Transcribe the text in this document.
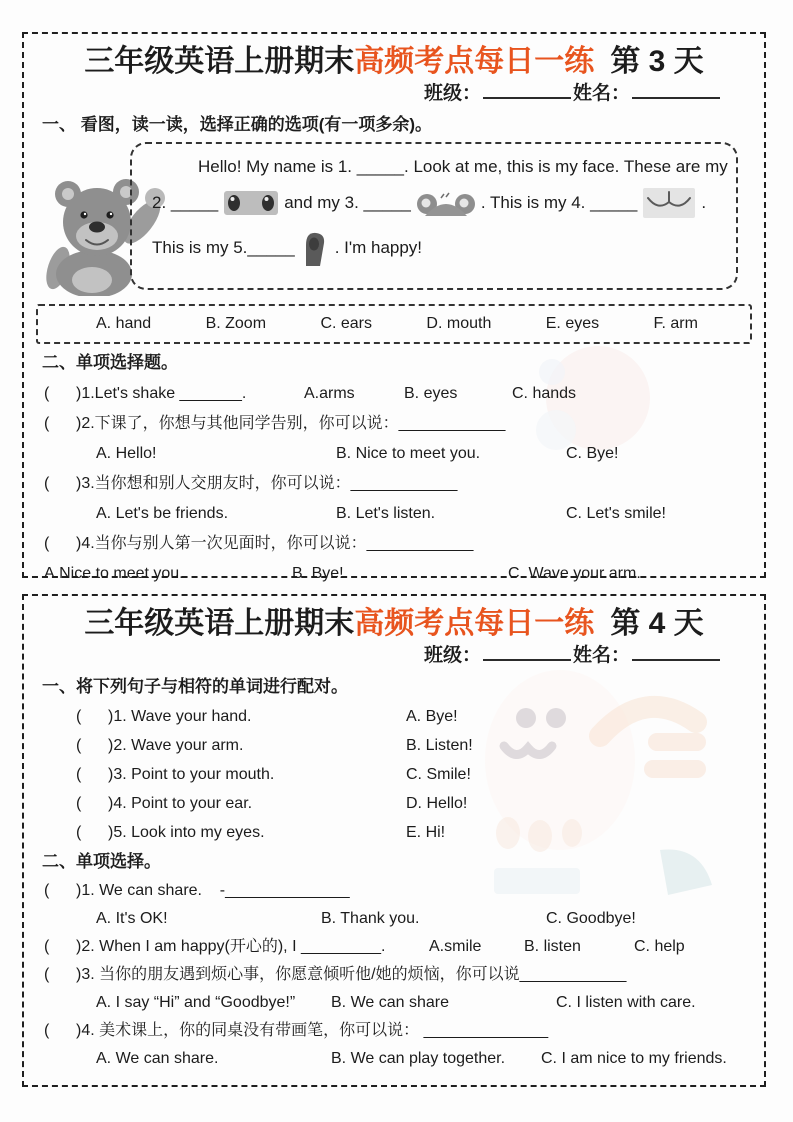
三年级英语上册期末高频考点每日一练 第 3 天
班级：	姓名：
一、 看图，读一读，选择正确的选项(有一项多余)。
Hello! My name is 1. _____. Look at me, this is my face. These are my
2. _____	and my 3. _____	. This is my 4. _____	.
This is my 5._____ . I'm happy!
A. hand	B. Zoom	C. ears	D. mouth	E. eyes	F. arm
二、单项选择题。
(      )1.Let's shake _______.	A.arms	B. eyes	C. hands
(      )2.下课了，你想与其他同学告别，你可以说：____________
A. Hello!	B. Nice to meet you.	C. Bye!
(      )3.当你想和别人交朋友时，你可以说：____________
A. Let's be friends.	B. Let's listen.	C. Let's smile!
(      )4.当你与别人第一次见面时，你可以说：____________
A.Nice to meet you.	B. Bye!	C. Wave your arm.
三年级英语上册期末高频考点每日一练 第 4 天
班级：	姓名：
一、将下列句子与相符的单词进行配对。
(      )1. Wave your hand.	A. Bye!
(      )2. Wave your arm.	B. Listen!
(      )3. Point to your mouth.	C. Smile!
(      )4. Point to your ear.	D. Hello!
(      )5. Look into my eyes.	E. Hi!
二、单项选择。
(      )1. We can share.    -______________
A. It's OK!	B. Thank you.	C. Goodbye!
(      )2. When I am happy(开心的), I _________.	A.smile	B. listen	C. help
(      )3. 当你的朋友遇到烦心事，你愿意倾听他/她的烦恼，你可以说____________
A. I say “Hi” and “Goodbye!”	B. We can share	C. I listen with care.
(      )4. 美术课上，你的同桌没有带画笔，你可以说： ______________
A. We can share.	B. We can play together.	C. I am nice to my friends.
